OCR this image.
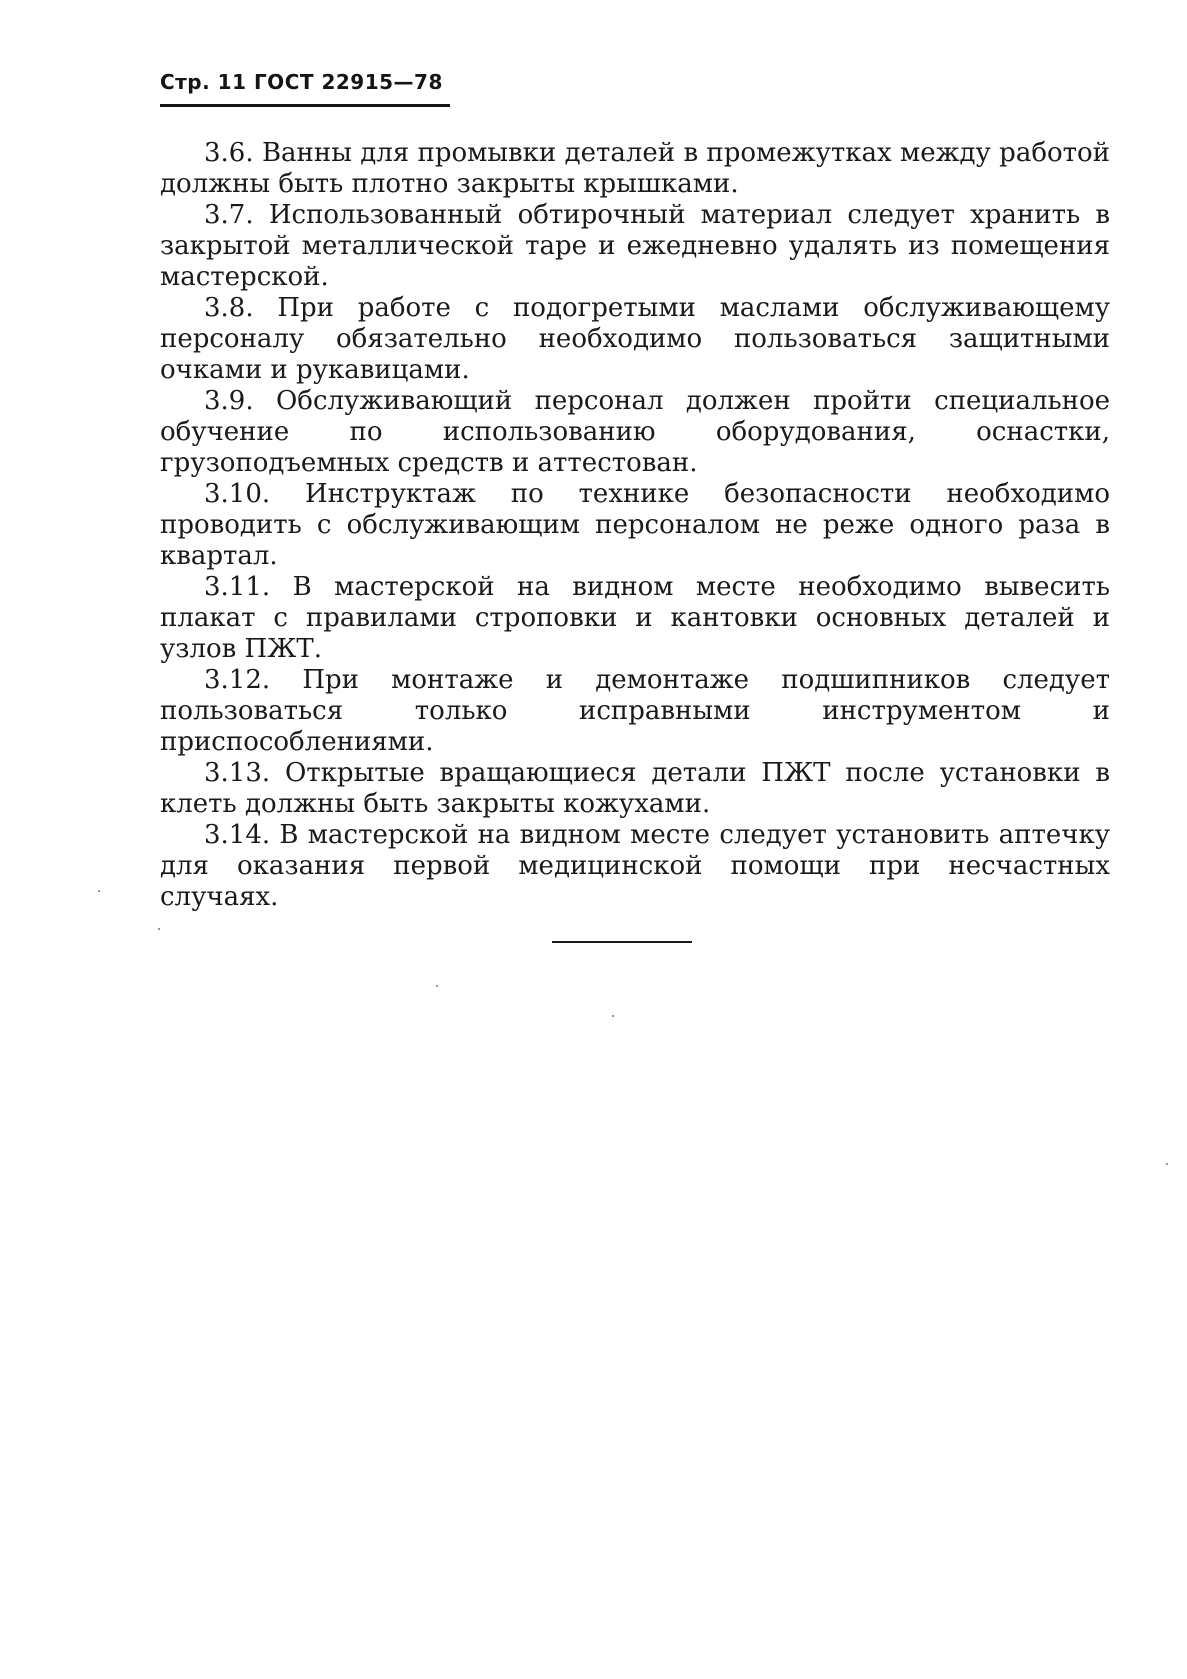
Стр. 11 ГОСТ 22915—78

3.6. Ванны для промывки деталей в промежутках между работой должны быть плотно закрыты крышками.

3.7. Использованный обтирочный материал следует хранить в закрытой металлической таре и ежедневно удалять из помещения мастерской.

3.8. При работе с подогретыми маслами обслуживающему персоналу обязательно необходимо пользоваться защитными очками и рукавицами.

3.9. Обслуживающий персонал должен пройти специальное обучение по использованию оборудования, оснастки, грузоподъемных средств и аттестован.

3.10. Инструктаж по технике безопасности необходимо проводить с обслуживающим персоналом не реже одного раза в квартал.

3.11. В мастерской на видном месте необходимо вывесить плакат с правилами строповки и кантовки основных деталей и узлов ПЖТ.

3.12. При монтаже и демонтаже подшипников следует пользоваться только исправными инструментом и приспособлениями.

3.13. Открытые вращающиеся детали ПЖТ после установки в клеть должны быть закрыты кожухами.

3.14. В мастерской на видном месте следует установить аптечку для оказания первой медицинской помощи при несчастных случаях.
